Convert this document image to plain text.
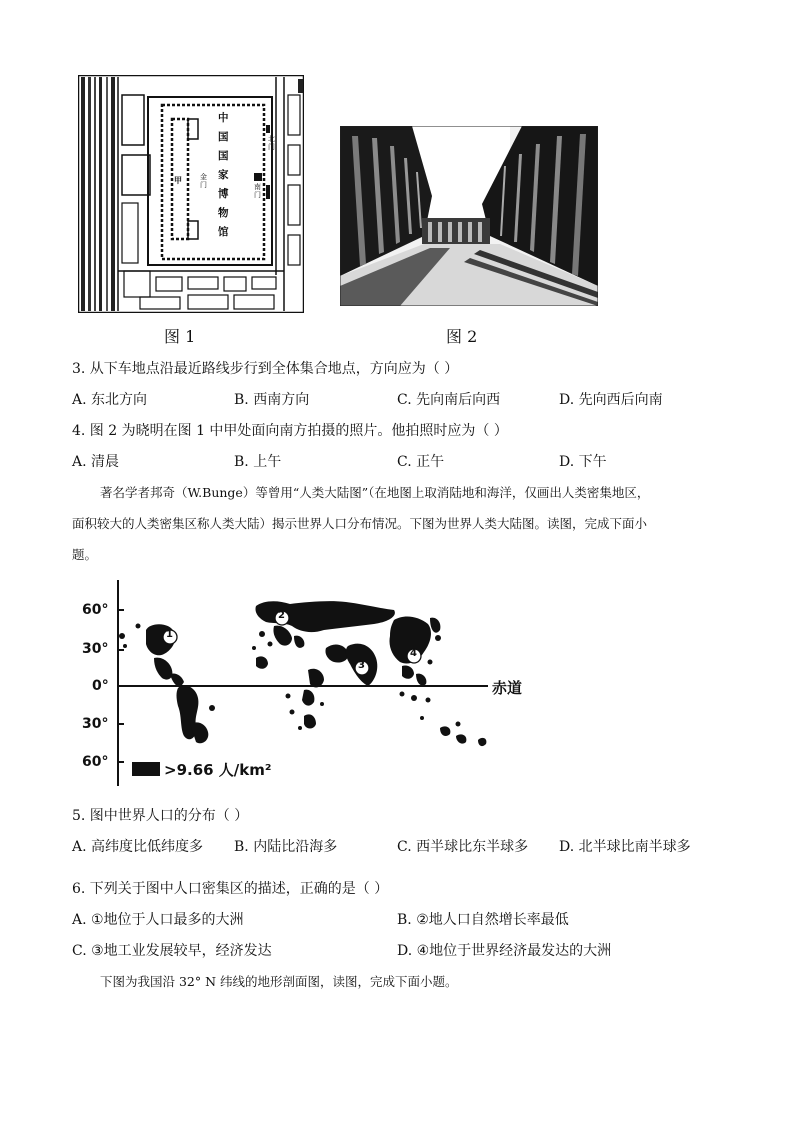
中国国家博物馆
甲	金门
北门
南门
图 1	图 2
3. 从下车地点沿最近路线步行到全体集合地点，方向应为（ ）
A. 东北方向	B. 西南方向	C. 先向南后向西	D. 先向西后向南
4. 图 2 为晓明在图 1 中甲处面向南方拍摄的照片。他拍照时应为（ ）
A. 清晨	B. 上午	C. 正午	D. 下午
著名学者邦奇（W.Bunge）等曾用“人类大陆图”（在地图上取消陆地和海洋，仅画出人类密集地区，
面积较大的人类密集区称人类大陆）揭示世界人口分布情况。下图为世界人类大陆图。读图，完成下面小
题。
60°
30°
0°
30°
60°
赤道
1
2
3
4
>9.66 人/km²
5. 图中世界人口的分布（ ）
A. 高纬度比低纬度多 B. 内陆比沿海多	C. 西半球比东半球多 D. 北半球比南半球多
6. 下列关于图中人口密集区的描述，正确的是（ ）
A. ①地位于人口最多的大洲	B. ②地人口自然增长率最低
C. ③地工业发展较早，经济发达	D. ④地位于世界经济最发达的大洲
下图为我国沿 32° N 纬线的地形剖面图，读图，完成下面小题。
